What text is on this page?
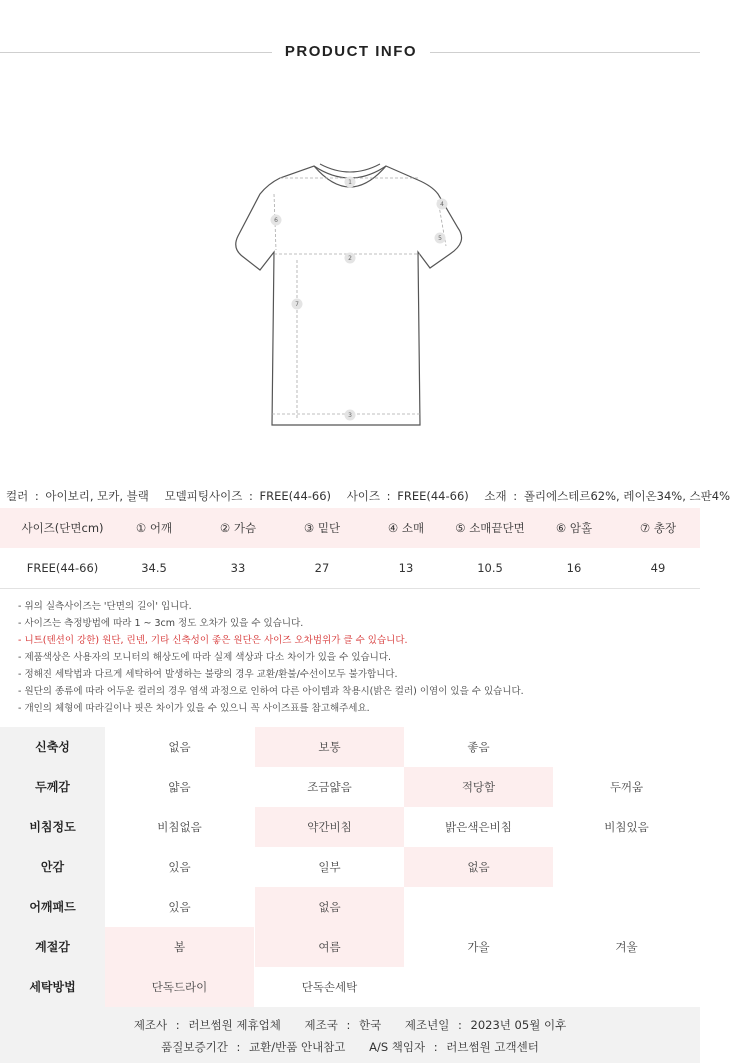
PRODUCT INFO
1
2
3
4
5
6
7
컬러 : 아이보리, 모카, 블랙 모델피팅사이즈 : FREE(44-66) 사이즈 : FREE(44-66) 소재 : 폴리에스테르62%, 레이온34%, 스판4%
사이즈(단면cm)	① 어깨	② 가슴	③ 밑단	④ 소매	⑤ 소매끝단면	⑥ 암홀	⑦ 총장
FREE(44-66)	34.5	33	27	13	10.5	16	49
- 위의 실측사이즈는 '단면의 길이' 입니다.
- 사이즈는 측정방법에 따라 1 ~ 3cm 정도 오차가 있을 수 있습니다.
- 니트(텐션이 강한) 원단, 린넨, 기타 신축성이 좋은 원단은 사이즈 오차범위가 클 수 있습니다.
- 제품색상은 사용자의 모니터의 해상도에 따라 실제 색상과 다소 차이가 있을 수 있습니다.
- 정해진 세탁법과 다르게 세탁하여 발생하는 불량의 경우 교환/환불/수선이모두 불가합니다.
- 원단의 종류에 따라 어두운 컬러의 경우 염색 과정으로 인하여 다른 아이템과 착용시(밝은 컬러) 이염이 있을 수 있습니다.
- 개인의 체형에 따라길이나 핏은 차이가 있을 수 있으니 꼭 사이즈표를 참고해주세요.
신축성	없음	보통	좋음
두께감	얇음	조금얇음	적당함	두꺼움
비침정도	비침없음	약간비침	밝은색은비침	비침있음
안감	있음	일부	없음
어깨패드	있음	없음
계절감	봄	여름	가을	겨울
세탁방법	단독드라이	단독손세탁
제조사 : 러브썸원 제휴업체 제조국 : 한국 제조년일 : 2023년 05월 이후
품질보증기간 : 교환/반품 안내참고 A/S 책임자 : 러브썸원 고객센터
